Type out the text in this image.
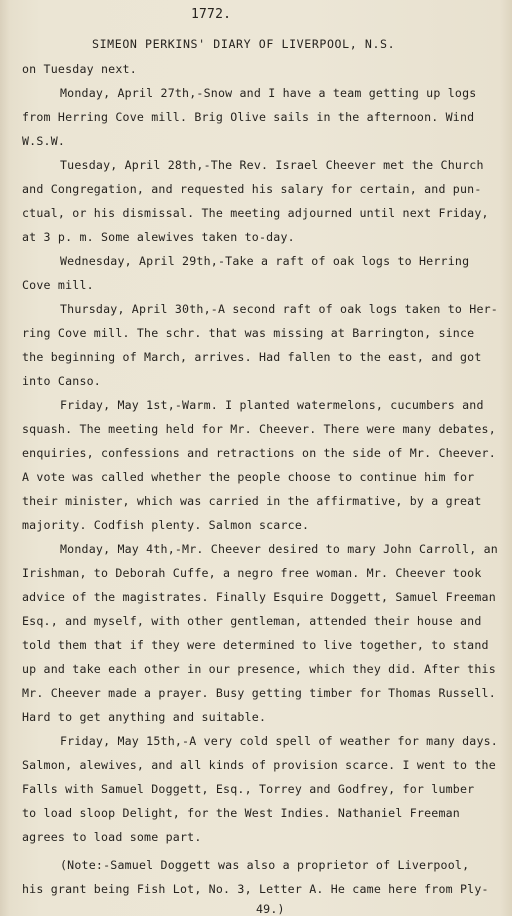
1772.
SIMEON PERKINS' DIARY OF LIVERPOOL, N.S.
on Tuesday next.
Monday, April 27th,-Snow and I have a team getting up logs
from Herring Cove mill. Brig Olive sails in the afternoon. Wind
W.S.W.
Tuesday, April 28th,-The Rev. Israel Cheever met the Church
and Congregation, and requested his salary for certain, and pun-
ctual, or his dismissal. The meeting adjourned until next Friday,
at 3 p. m. Some alewives taken to-day.
Wednesday, April 29th,-Take a raft of oak logs to Herring
Cove mill.
Thursday, April 30th,-A second raft of oak logs taken to Her-
ring Cove mill. The schr. that was missing at Barrington, since
the beginning of March, arrives. Had fallen to the east, and got
into Canso.
Friday, May 1st,-Warm. I planted watermelons, cucumbers and
squash. The meeting held for Mr. Cheever. There were many debates,
enquiries, confessions and retractions on the side of Mr. Cheever.
A vote was called whether the people choose to continue him for
their minister, which was carried in the affirmative, by a great
majority. Codfish plenty. Salmon scarce.
Monday, May 4th,-Mr. Cheever desired to mary John Carroll, an
Irishman, to Deborah Cuffe, a negro free woman. Mr. Cheever took
advice of the magistrates. Finally Esquire Doggett, Samuel Freeman
Esq., and myself, with other gentleman, attended their house and
told them that if they were determined to live together, to stand
up and take each other in our presence, which they did. After this
Mr. Cheever made a prayer. Busy getting timber for Thomas Russell.
Hard to get anything and suitable.
Friday, May 15th,-A very cold spell of weather for many days.
Salmon, alewives, and all kinds of provision scarce. I went to the
Falls with Samuel Doggett, Esq., Torrey and Godfrey, for lumber
to load sloop Delight, for the West Indies. Nathaniel Freeman
agrees to load some part.
(Note:-Samuel Doggett was also a proprietor of Liverpool,
his grant being Fish Lot, No. 3, Letter A. He came here from Ply-
49.)
